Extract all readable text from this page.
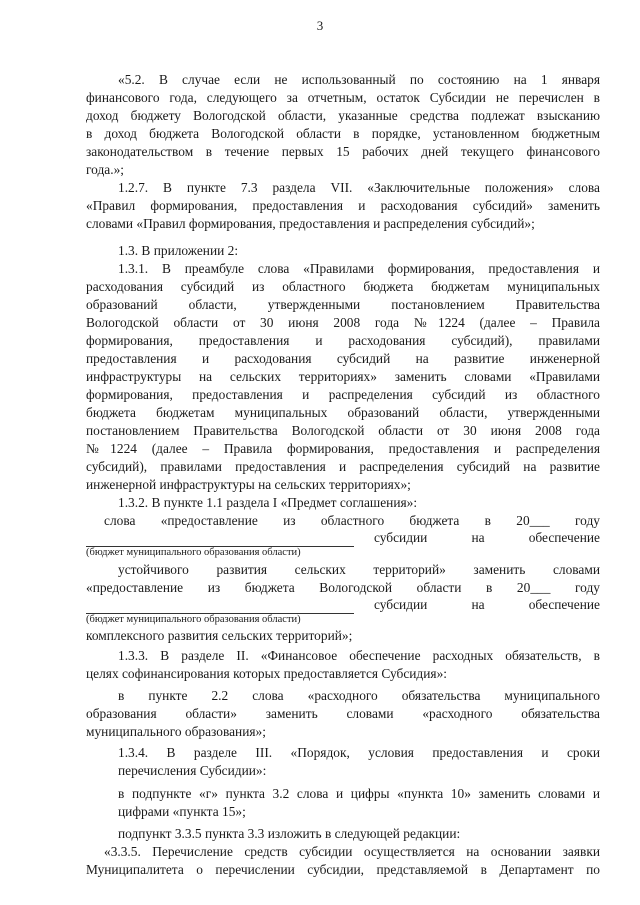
3
«5.2. В случае если не использованный по состоянию на 1 января
финансового года, следующего за отчетным, остаток Субсидии не перечислен в
доход бюджету Вологодской области, указанные средства подлежат взысканию
в доход бюджета Вологодской области в порядке, установленном бюджетным
законодательством в течение первых 15 рабочих дней текущего финансового
года.»;
1.2.7. В пункте 7.3 раздела VII. «Заключительные положения» слова
«Правил формирования, предоставления и расходования субсидий» заменить
словами «Правил формирования, предоставления и распределения субсидий»;
1.3. В приложении 2:
1.3.1. В преамбуле слова «Правилами формирования, предоставления и
расходования субсидий из областного бюджета бюджетам муниципальных
образований области, утвержденными постановлением Правительства
Вологодской области от 30 июня 2008 года №1224 (далее – Правила
формирования, предоставления и расходования субсидий), правилами
предоставления и расходования субсидий на развитие инженерной
инфраструктуры на сельских территориях» заменить словами «Правилами
формирования, предоставления и распределения субсидий из областного
бюджета бюджетам муниципальных образований области, утвержденными
постановлением Правительства Вологодской области от 30 июня 2008 года
№1224 (далее – Правила формирования, предоставления и распределения
субсидий), правилами предоставления и распределения субсидий на развитие
инженерной инфраструктуры на сельских территориях»;
1.3.2. В пункте 1.1 раздела I «Предмет соглашения»:
слова «предоставление из областного бюджета в 20___ году
субсидии на обеспечение
(бюджет муниципального образования области)
устойчивого развития сельских территорий» заменить словами
«предоставление из бюджета Вологодской области в 20___ году
субсидии на обеспечение
(бюджет муниципального образования области)
комплексного развития сельских территорий»;
1.3.3. В разделе II. «Финансовое обеспечение расходных обязательств, в
целях софинансирования которых предоставляется Субсидия»:
в пункте 2.2 слова «расходного обязательства муниципального
образования области» заменить словами «расходного обязательства
муниципального образования»;
1.3.4. В разделе III. «Порядок, условия предоставления и сроки
перечисления Субсидии»:
в подпункте «г» пункта 3.2 слова и цифры «пункта 10» заменить словами и
цифрами «пункта 15»;
подпункт 3.3.5 пункта 3.3 изложить в следующей редакции:
«3.3.5. Перечисление средств субсидии осуществляется на основании заявки
Муниципалитета о перечислении субсидии, представляемой в Департамент по
